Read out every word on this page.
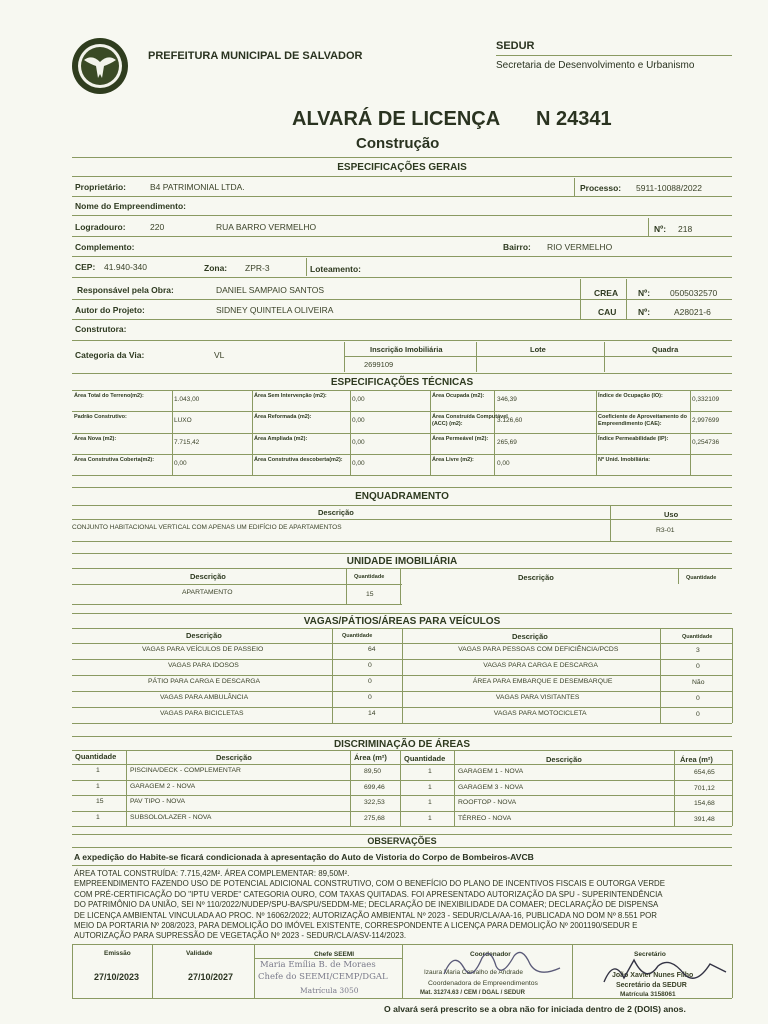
PREFEITURA MUNICIPAL DE SALVADOR
SEDUR
Secretaria de Desenvolvimento e Urbanismo
ALVARÁ DE LICENÇA N 24341
Construção
ESPECIFICAÇÕES GERAIS
Proprietário:	B4 PATRIMONIAL LTDA.	Processo: 5911-10088/2022
Nome do Empreendimento:
Logradouro:	220	RUA BARRO VERMELHO	Nº: 218
Complemento:	Bairro: RIO VERMELHO
CEP: 41.940-340	Zona: ZPR-3	Loteamento:
Responsável pela Obra:	DANIEL SAMPAIO SANTOS	CREA Nº: 0505032570
Autor do Projeto:	SIDNEY QUINTELA OLIVEIRA	CAU	Nº:	A28021-6
Construtora:
Categoria da Via:	VL
Inscrição Imobiliária
2699109
Lote	Quadra
ESPECIFICAÇÕES TÉCNICAS
ENQUADRAMENTO
Descrição	Uso
CONJUNTO HABITACIONAL VERTICAL COM APENAS UM EDIFÍCIO DE APARTAMENTOS	R3-01
UNIDADE IMOBILIÁRIA
Descrição	Quantidade	Descrição	Quantidade
APARTAMENTO	15
VAGAS/PÁTIOS/ÁREAS PARA VEÍCULOS
Descrição	Quantidade	Descrição	Quantidade
DISCRIMINAÇÃO DE ÁREAS
Quantidade	Descrição	Área (m²) Quantidade	Descrição	Área (m²)
OBSERVAÇÕES
A expedição do Habite-se ficará condicionada à apresentação do Auto de Vistoria do Corpo de Bombeiros-AVCB
Emissão
27/10/2023
Validade
27/10/2027
Chefe SEEMI
Maria Emília B. de Moraes
Chefe do SEEMI/CEMP/DGAL
Matrícula 3050
Coordenador
Izaura Maria Carvalho de Andrade
Coordenadora de Empreendimentos
Mat. 31274.63 / CEM / DGAL / SEDUR
Secretário
João Xavier Nunes Filho
Secretário da SEDUR
Matrícula 3158061
O alvará será prescrito se a obra não for iniciada dentro de 2 (DOIS) anos.
Área Total do Terreno(m2):	1.043,00	Área Sem Intervenção (m2):	0,00	Área Ocupada (m2):	346,39	Índice de Ocupação (IO):	0,332109
Padrão Construtivo:	LUXO	Área Reformada (m2):	0,00	Área Construída Computável (ACC) (m2):	3.126,60	Coeficiente de Aproveitamento do Empreendimento (CAE):	2,997699
Área Nova (m2):	7.715,42	Área Ampliada (m2):	0,00	Área Permeável (m2):	265,69	Índice Permeabilidade (IP):	0,254736
Área Construtiva Coberta(m2):	0,00	Área Construtiva descoberta(m2):	0,00	Área Livre (m2):	0,00	Nº Unid. Imobiliária:
VAGAS PARA VEÍCULOS DE PASSEIO	64	VAGAS PARA PESSOAS COM DEFICIÊNCIA/PCDS	3
VAGAS PARA IDOSOS	0	VAGAS PARA CARGA E DESCARGA	0
PÁTIO PARA CARGA E DESCARGA	0	ÁREA PARA EMBARQUE E DESEMBARQUE	Não
VAGAS PARA AMBULÂNCIA	0	VAGAS PARA VISITANTES	0
VAGAS PARA BICICLETAS	14	VAGAS PARA MOTOCICLETA	0
1	PISCINA/DECK - COMPLEMENTAR	89,50	1	GARAGEM 1 - NOVA	654,65
1	GARAGEM 2 - NOVA	699,46	1	GARAGEM 3 - NOVA	701,12
15	PAV TIPO - NOVA	322,53	1	ROOFTOP - NOVA	154,68
1	SUBSOLO/LAZER - NOVA	275,68	1	TÉRREO - NOVA	391,48
ÁREA TOTAL CONSTRUÍDA: 7.715,42M². ÁREA COMPLEMENTAR: 89,50M².
EMPREENDIMENTO FAZENDO USO DE POTENCIAL ADICIONAL CONSTRUTIVO, COM O BENEFÍCIO DO PLANO DE INCENTIVOS FISCAIS E OUTORGA VERDE
COM PRÉ-CERTIFICAÇÃO DO "IPTU VERDE" CATEGORIA OURO, COM TAXAS QUITADAS. FOI APRESENTADO AUTORIZAÇÃO DA SPU - SUPERINTENDÊNCIA
DO PATRIMÔNIO DA UNIÃO, SEI Nº 110/2022/NUDEP/SPU-BA/SPU/SEDDM-ME; DECLARAÇÃO DE INEXIBILIDADE DA COMAER; DECLARAÇÃO DE DISPENSA
DE LICENÇA AMBIENTAL VINCULADA AO PROC. Nº 16062/2022; AUTORIZAÇÃO AMBIENTAL Nº 2023 - SEDUR/CLA/AA-16, PUBLICADA NO DOM Nº 8.551 POR
MEIO DA PORTARIA Nº 208/2023, PARA DEMOLIÇÃO DO IMÓVEL EXISTENTE, CORRESPONDENTE A LICENÇA PARA DEMOLIÇÃO Nº 2001190/SEDUR E
AUTORIZAÇÃO PARA SUPRESSÃO DE VEGETAÇÃO Nº 2023 - SEDUR/CLA/ASV-114/2023.
